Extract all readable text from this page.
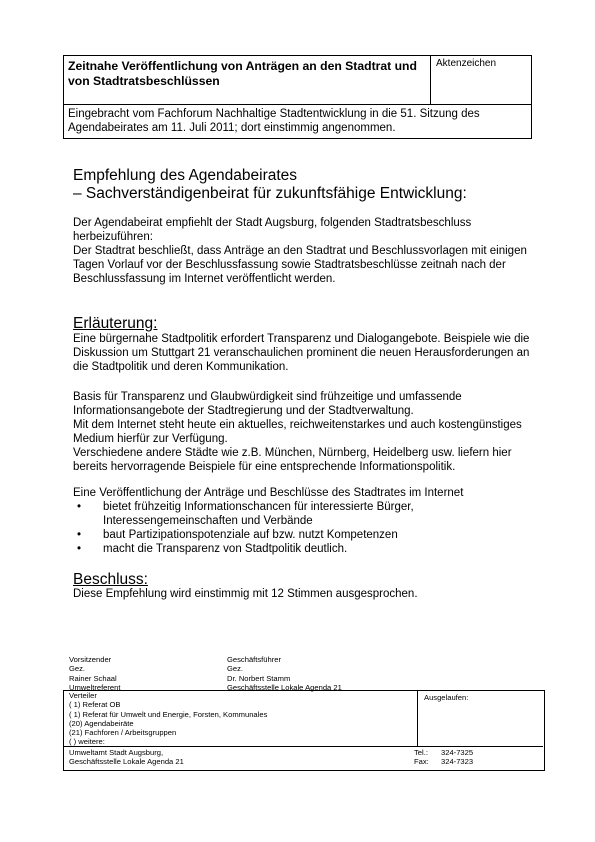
Zeitnahe Veröffentlichung von Anträgen an den Stadtrat und von Stadtratsbeschlüssen
Aktenzeichen
Eingebracht vom Fachforum Nachhaltige Stadtentwicklung in die 51. Sitzung des Agendabeirates am 11. Juli 2011; dort einstimmig angenommen.
Empfehlung des Agendabeirates
– Sachverständigenbeirat für zukunftsfähige Entwicklung:
Der Agendabeirat empfiehlt der Stadt Augsburg, folgenden Stadtratsbeschluss herbeizuführen:
Der Stadtrat beschließt, dass Anträge an den Stadtrat und Beschlussvorlagen mit einigen Tagen Vorlauf vor der Beschlussfassung sowie Stadtratsbeschlüsse zeitnah nach der Beschlussfassung im Internet veröffentlicht werden.
Erläuterung:
Eine bürgernahe Stadtpolitik erfordert Transparenz und Dialogangebote. Beispiele wie die Diskussion um Stuttgart 21 veranschaulichen prominent die neuen Herausforderungen an die Stadtpolitik und deren Kommunikation.
Basis für Transparenz und Glaubwürdigkeit sind frühzeitige und umfassende Informationsangebote der Stadtregierung und der Stadtverwaltung.
Mit dem Internet steht heute ein aktuelles, reichweitenstarkes und auch kostengünstiges Medium hierfür zur Verfügung.
Verschiedene andere Städte wie z.B. München, Nürnberg, Heidelberg usw. liefern hier bereits hervorragende Beispiele für eine entsprechende Informationspolitik.
Eine Veröffentlichung der Anträge und Beschlüsse des Stadtrates im Internet
• bietet frühzeitig Informationschancen für interessierte Bürger, Interessengemeinschaften und Verbände
• baut Partizipationspotenziale auf bzw. nutzt Kompetenzen
• macht die Transparenz von Stadtpolitik deutlich.
Beschluss:
Diese Empfehlung wird einstimmig mit 12 Stimmen ausgesprochen.
Vorsitzender
Gez.
Rainer Schaal
Umweltreferent
Geschäftsführer
Gez.
Dr. Norbert Stamm
Geschäftsstelle Lokale Agenda 21
Verteiler
( 1) Referat OB
( 1) Referat für Umwelt und Energie, Forsten, Kommunales
(20) Agendabeiräte
(21) Fachforen / Arbeitsgruppen
( ) weitere:
Ausgelaufen:
Umweltamt Stadt Augsburg,
Geschäftsstelle Lokale Agenda 21
Tel.: 324-7325
Fax: 324-7323
